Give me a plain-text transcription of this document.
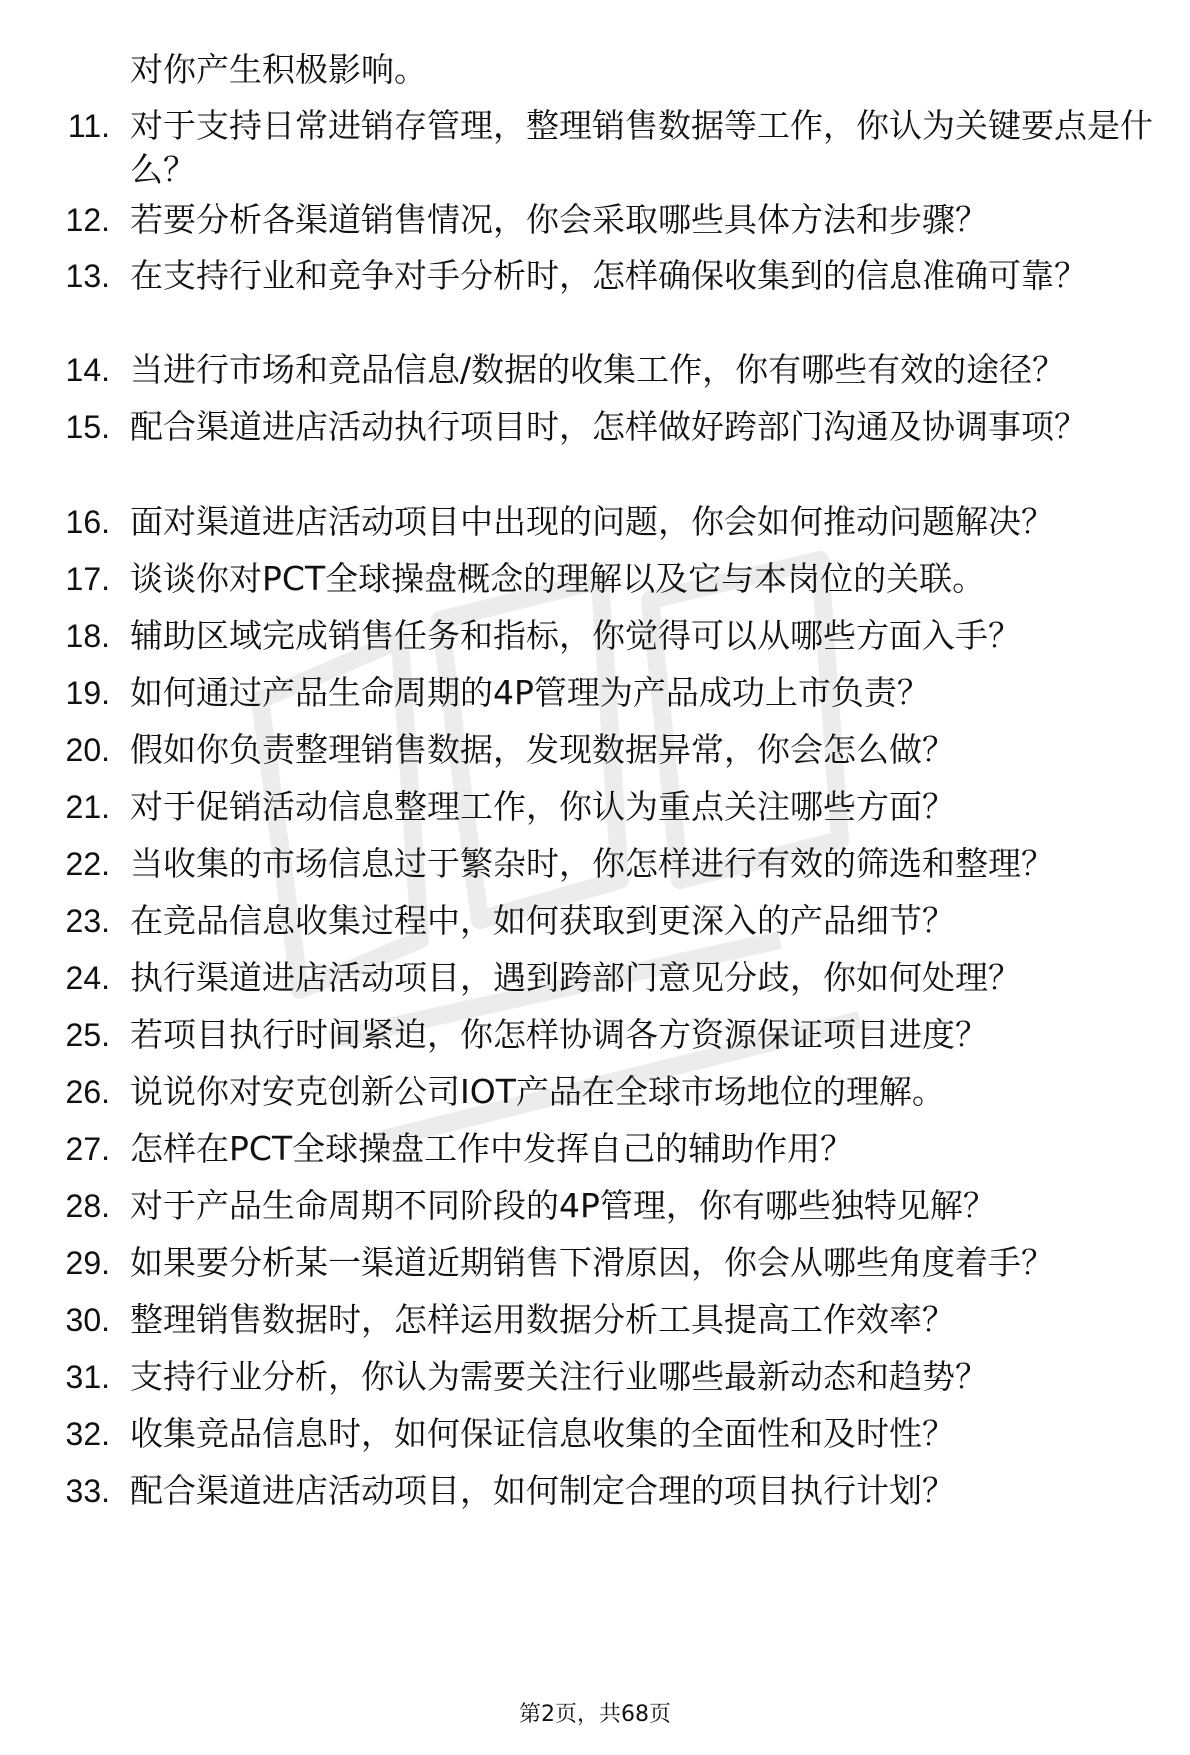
对你产生积极影响。

11. 对于支持日常进销存管理，整理销售数据等工作，你认为关键要点是什么？
12. 若要分析各渠道销售情况，你会采取哪些具体方法和步骤？
13. 在支持行业和竞争对手分析时，怎样确保收集到的信息准确可靠？
14. 当进行市场和竞品信息/数据的收集工作，你有哪些有效的途径？
15. 配合渠道进店活动执行项目时，怎样做好跨部门沟通及协调事项？
16. 面对渠道进店活动项目中出现的问题，你会如何推动问题解决？
17. 谈谈你对PCT全球操盘概念的理解以及它与本岗位的关联。
18. 辅助区域完成销售任务和指标，你觉得可以从哪些方面入手？
19. 如何通过产品生命周期的4P管理为产品成功上市负责？
20. 假如你负责整理销售数据，发现数据异常，你会怎么做？
21. 对于促销活动信息整理工作，你认为重点关注哪些方面？
22. 当收集的市场信息过于繁杂时，你怎样进行有效的筛选和整理？
23. 在竞品信息收集过程中，如何获取到更深入的产品细节？
24. 执行渠道进店活动项目，遇到跨部门意见分歧，你如何处理？
25. 若项目执行时间紧迫，你怎样协调各方资源保证项目进度？
26. 说说你对安克创新公司IOT产品在全球市场地位的理解。
27. 怎样在PCT全球操盘工作中发挥自己的辅助作用？
28. 对于产品生命周期不同阶段的4P管理，你有哪些独特见解？
29. 如果要分析某一渠道近期销售下滑原因，你会从哪些角度着手？
30. 整理销售数据时，怎样运用数据分析工具提高工作效率？
31. 支持行业分析，你认为需要关注行业哪些最新动态和趋势？
32. 收集竞品信息时，如何保证信息收集的全面性和及时性？
33. 配合渠道进店活动项目，如何制定合理的项目执行计划？
第2页，共68页
